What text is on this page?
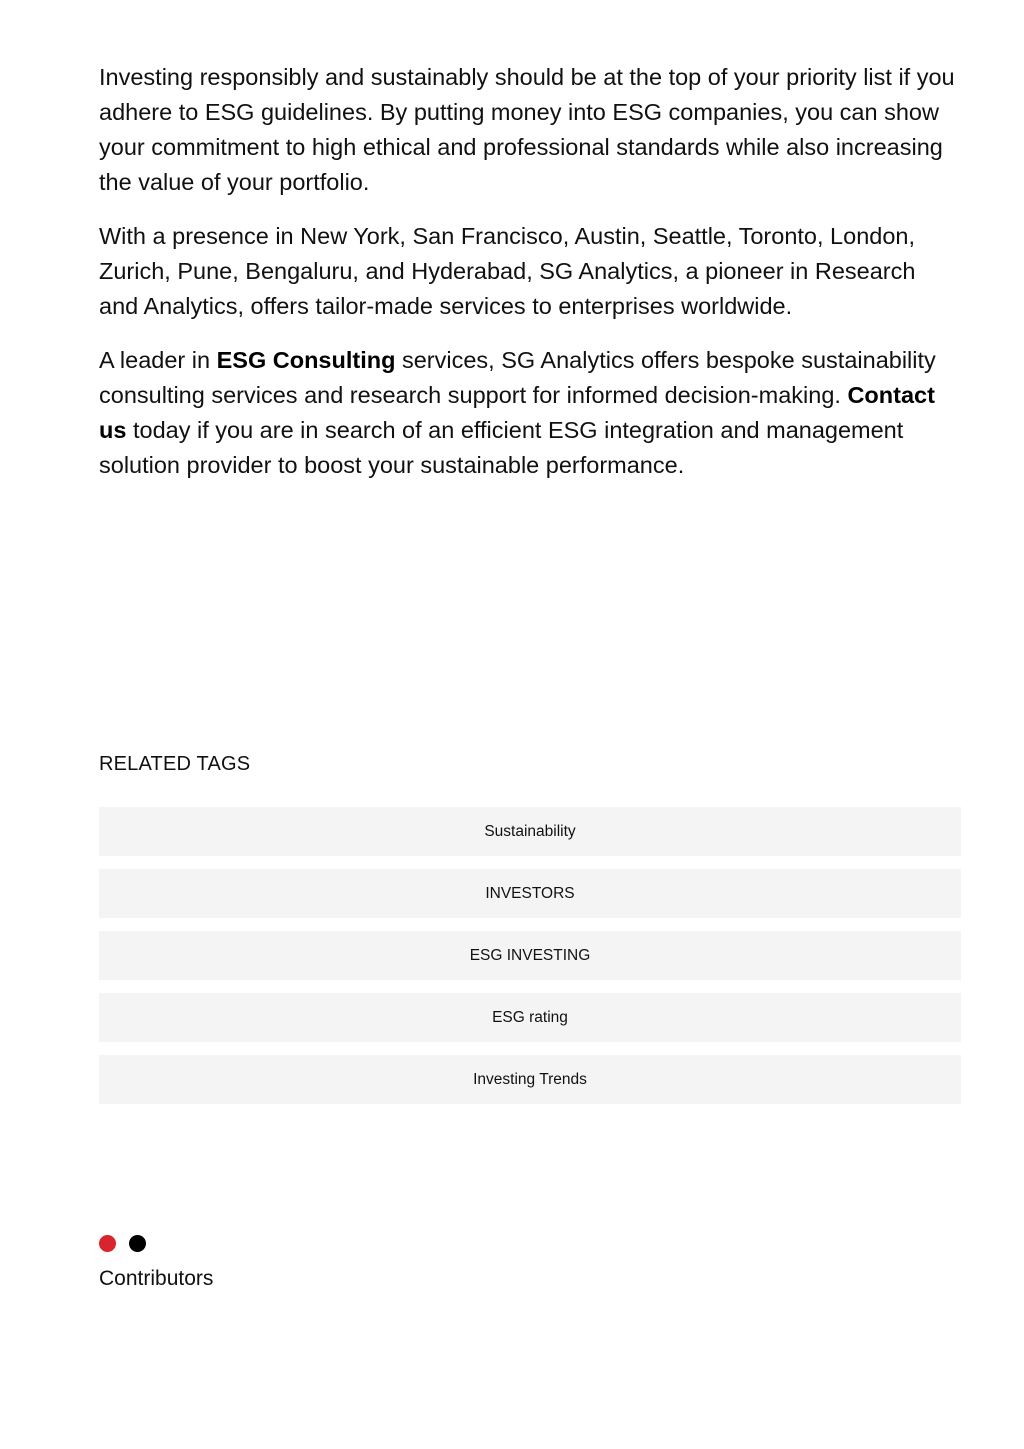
Investing responsibly and sustainably should be at the top of your priority list if you adhere to ESG guidelines. By putting money into ESG companies, you can show your commitment to high ethical and professional standards while also increasing the value of your portfolio.

With a presence in New York, San Francisco, Austin, Seattle, Toronto, London, Zurich, Pune, Bengaluru, and Hyderabad, SG Analytics, a pioneer in Research and Analytics, offers tailor-made services to enterprises worldwide.

A leader in ESG Consulting services, SG Analytics offers bespoke sustainability consulting services and research support for informed decision-making. Contact us today if you are in search of an efficient ESG integration and management solution provider to boost your sustainable performance.

RELATED TAGS
Sustainability
INVESTORS
ESG INVESTING
ESG rating
Investing Trends
Contributors
